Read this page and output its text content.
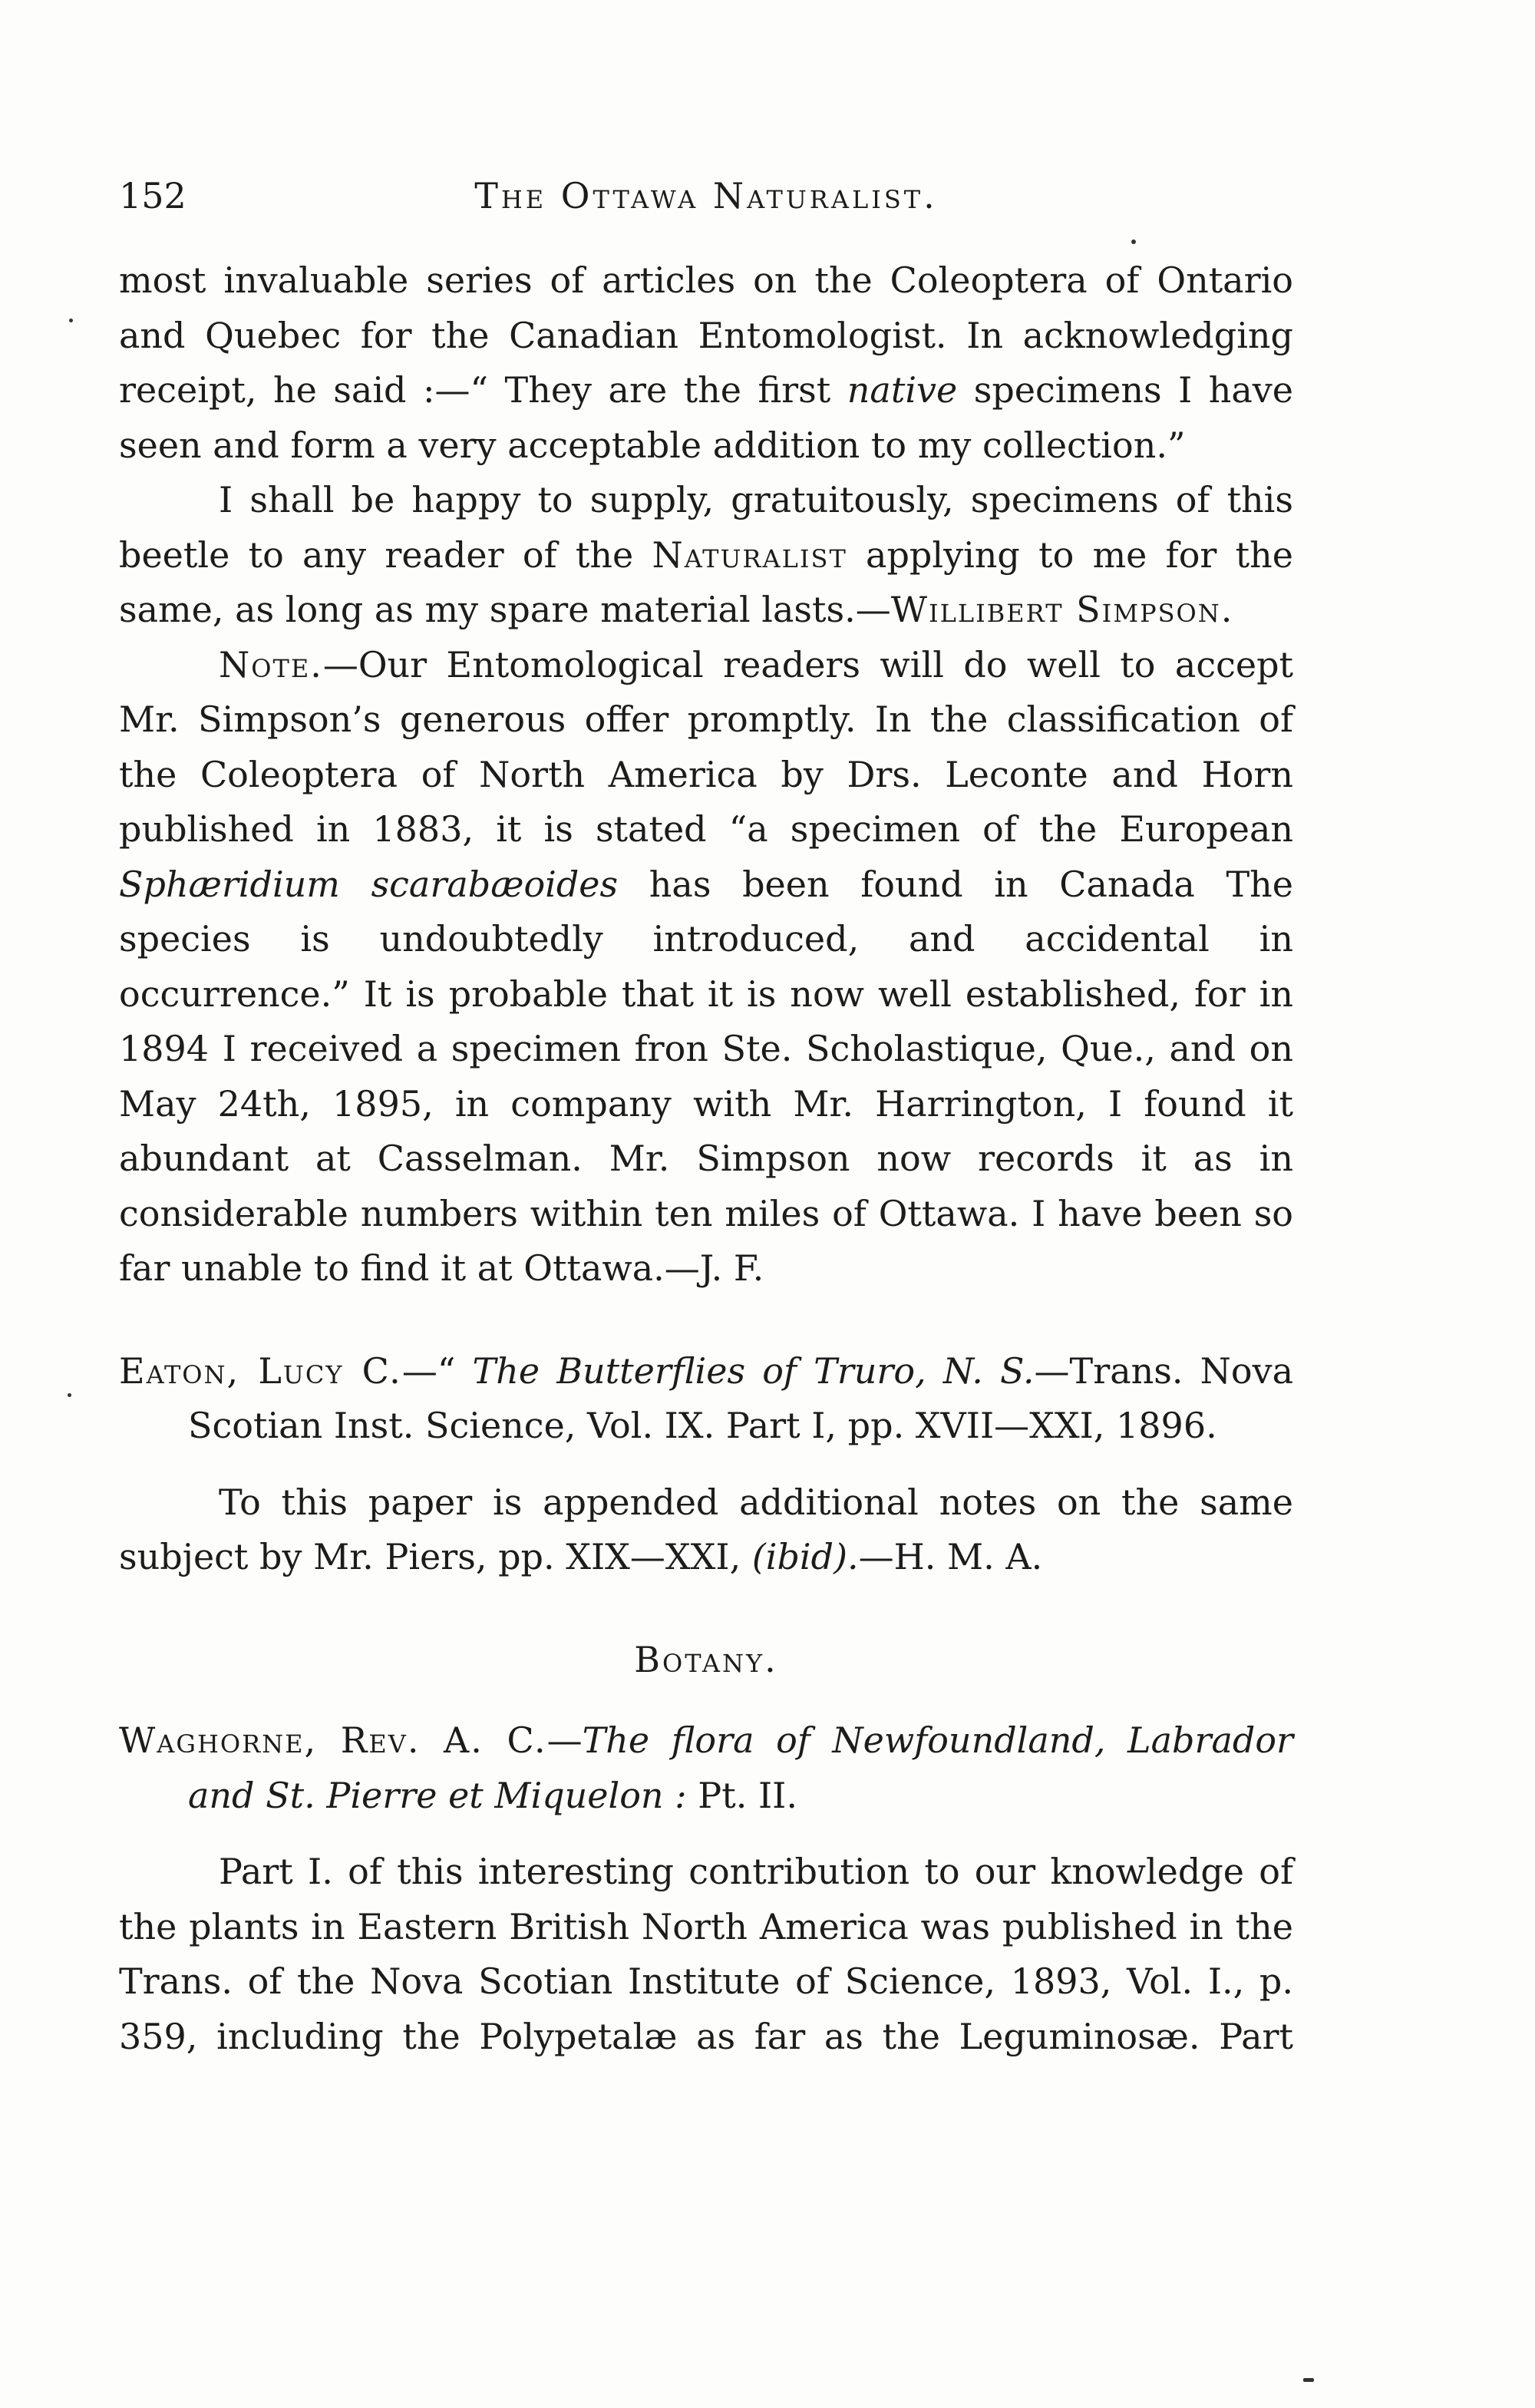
152	The Ottawa Naturalist.

most invaluable series of articles on the Coleoptera of Ontario and Quebec for the Canadian Entomologist. In acknowledging receipt, he said :—“ They are the first native specimens I have seen and form a very acceptable addition to my collection.”

I shall be happy to supply, gratuitously, specimens of this beetle to any reader of the Naturalist applying to me for the same, as long as my spare material lasts.—Willibert Simpson.

Note.—Our Entomological readers will do well to accept Mr. Simpson’s generous offer promptly. In the classification of the Coleoptera of North America by Drs. Leconte and Horn published in 1883, it is stated “a specimen of the European Sphæridium scarabæoides has been found in Canada The species is undoubtedly introduced, and accidental in occurrence.” It is probable that it is now well established, for in 1894 I received a specimen fron Ste. Scholastique, Que., and on May 24th, 1895, in company with Mr. Harrington, I found it abundant at Casselman. Mr. Simpson now records it as in considerable numbers within ten miles of Ottawa. I have been so far unable to find it at Ottawa.—J. F.

Eaton, Lucy C.—“ The Butterflies of Truro, N. S.—Trans. Nova Scotian Inst. Science, Vol. IX. Part I, pp. XVII—XXI, 1896.

To this paper is appended additional notes on the same subject by Mr. Piers, pp. XIX—XXI, (ibid).—H. M. A.

Botany.

Waghorne, Rev. A. C.—The flora of Newfoundland, Labrador and St. Pierre et Miquelon : Pt. II.

Part I. of this interesting contribution to our knowledge of the plants in Eastern British North America was published in the Trans. of the Nova Scotian Institute of Science, 1893, Vol. I., p. 359, including the Polypetalæ as far as the Leguminosæ. Part
